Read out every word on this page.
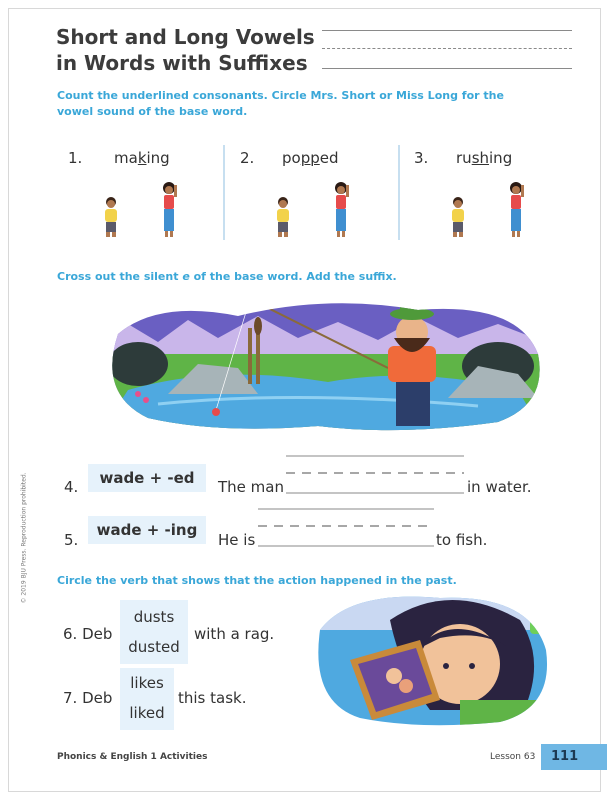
Short and Long Vowels
in Words with Suffixes
Count the underlined consonants. Circle Mrs. Short or Miss Long for the
vowel sound of the base word.
1. making	2. popped	3. rushing
Cross out the silent e of the base word. Add the suffix.
4.	wade + -ed	The man	in water.
5.
wade + -ing
He is	to fish.
Circle the verb that shows that the action happened in the past.
6. Deb
dusts
dusted
with a rag.
7. Deb
likes
liked
this task.
Phonics & English 1 Activities	Lesson 63	111
© 2019 BJU Press. Reproduction prohibited.
